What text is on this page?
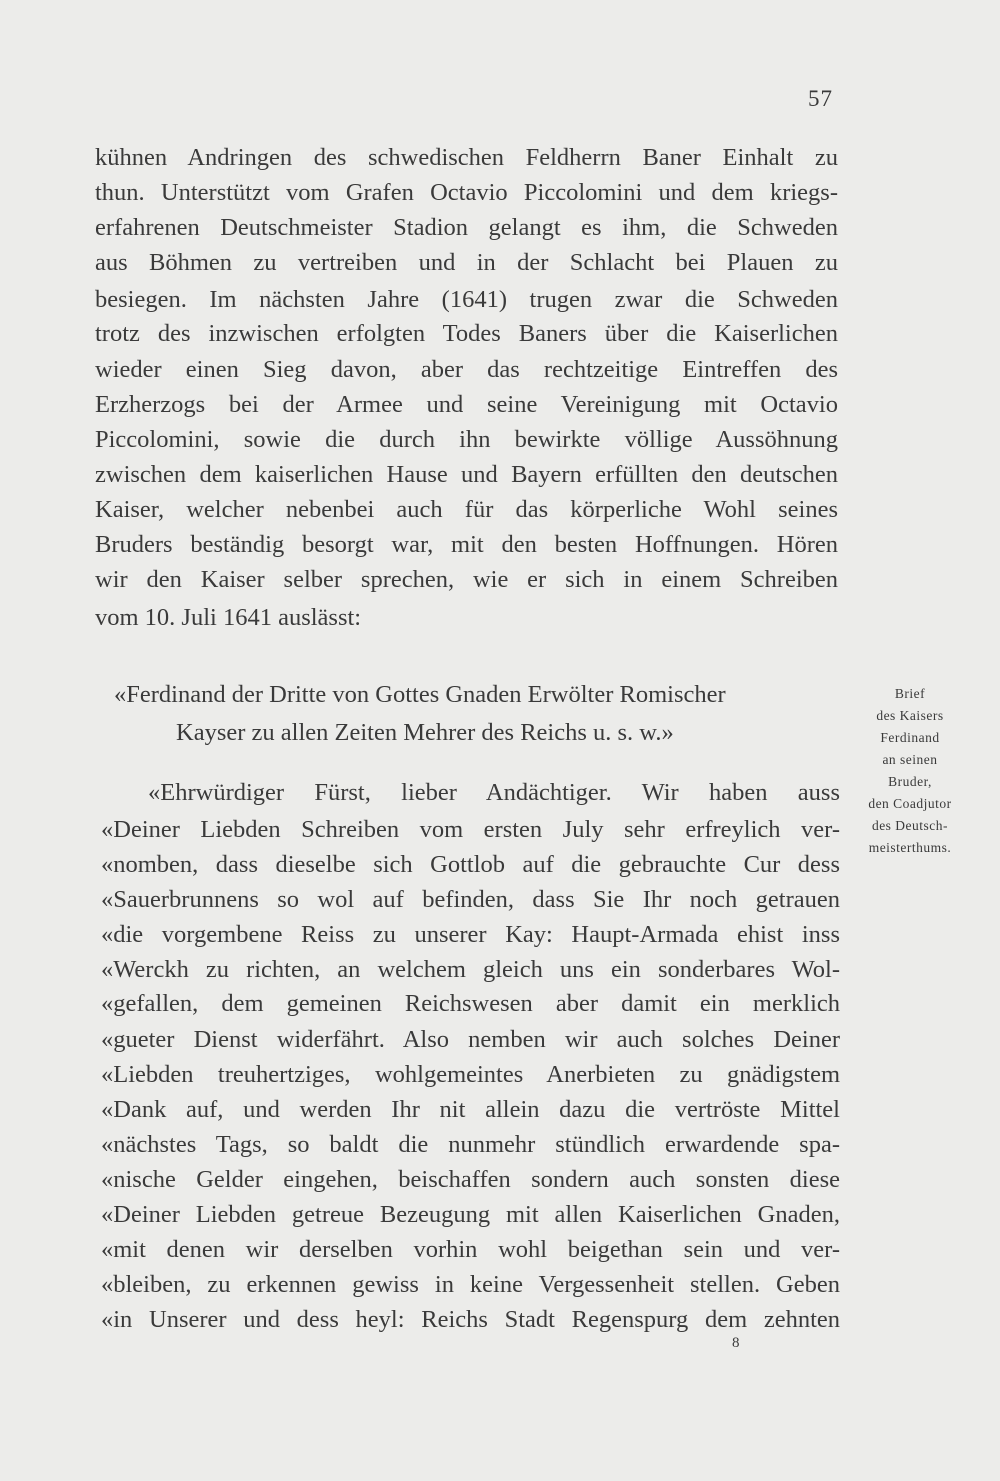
57
kühnen Andringen des schwedischen Feldherrn Baner Einhalt zu
thun. Unterstützt vom Grafen Octavio Piccolomini und dem kriegs-
erfahrenen Deutschmeister Stadion gelangt es ihm, die Schweden
aus Böhmen zu vertreiben und in der Schlacht bei Plauen zu
besiegen. Im nächsten Jahre (1641) trugen zwar die Schweden
trotz des inzwischen erfolgten Todes Baners über die Kaiserlichen
wieder einen Sieg davon, aber das rechtzeitige Eintreffen des
Erzherzogs bei der Armee und seine Vereinigung mit Octavio
Piccolomini, sowie die durch ihn bewirkte völlige Aussöhnung
zwischen dem kaiserlichen Hause und Bayern erfüllten den deutschen
Kaiser, welcher nebenbei auch für das körperliche Wohl seines
Bruders beständig besorgt war, mit den besten Hoffnungen. Hören
wir den Kaiser selber sprechen, wie er sich in einem Schreiben
vom 10. Juli 1641 auslässt:
«Ferdinand der Dritte von Gottes Gnaden Erwölter Romischer
Kayser zu allen Zeiten Mehrer des Reichs u. s. w.»
«Ehrwürdiger Fürst, lieber Andächtiger. Wir haben auss
«Deiner Liebden Schreiben vom ersten July sehr erfreylich ver-
«nomben, dass dieselbe sich Gottlob auf die gebrauchte Cur dess
«Sauerbrunnens so wol auf befinden, dass Sie Ihr noch getrauen
«die vorgembene Reiss zu unserer Kay: Haupt-Armada ehist inss
«Werckh zu richten, an welchem gleich uns ein sonderbares Wol-
«gefallen, dem gemeinen Reichswesen aber damit ein merklich
«gueter Dienst widerfährt. Also nemben wir auch solches Deiner
«Liebden treuhertziges, wohlgemeintes Anerbieten zu gnädigstem
«Dank auf, und werden Ihr nit allein dazu die vertröste Mittel
«nächstes Tags, so baldt die nunmehr stündlich erwardende spa-
«nische Gelder eingehen, beischaffen sondern auch sonsten diese
«Deiner Liebden getreue Bezeugung mit allen Kaiserlichen Gnaden,
«mit denen wir derselben vorhin wohl beigethan sein und ver-
«bleiben, zu erkennen gewiss in keine Vergessenheit stellen. Geben
«in Unserer und dess heyl: Reichs Stadt Regenspurg dem zehnten
Brief
des Kaisers
Ferdinand
an seinen
Bruder,
den Coadjutor
des Deutsch-
meisterthums.
8
